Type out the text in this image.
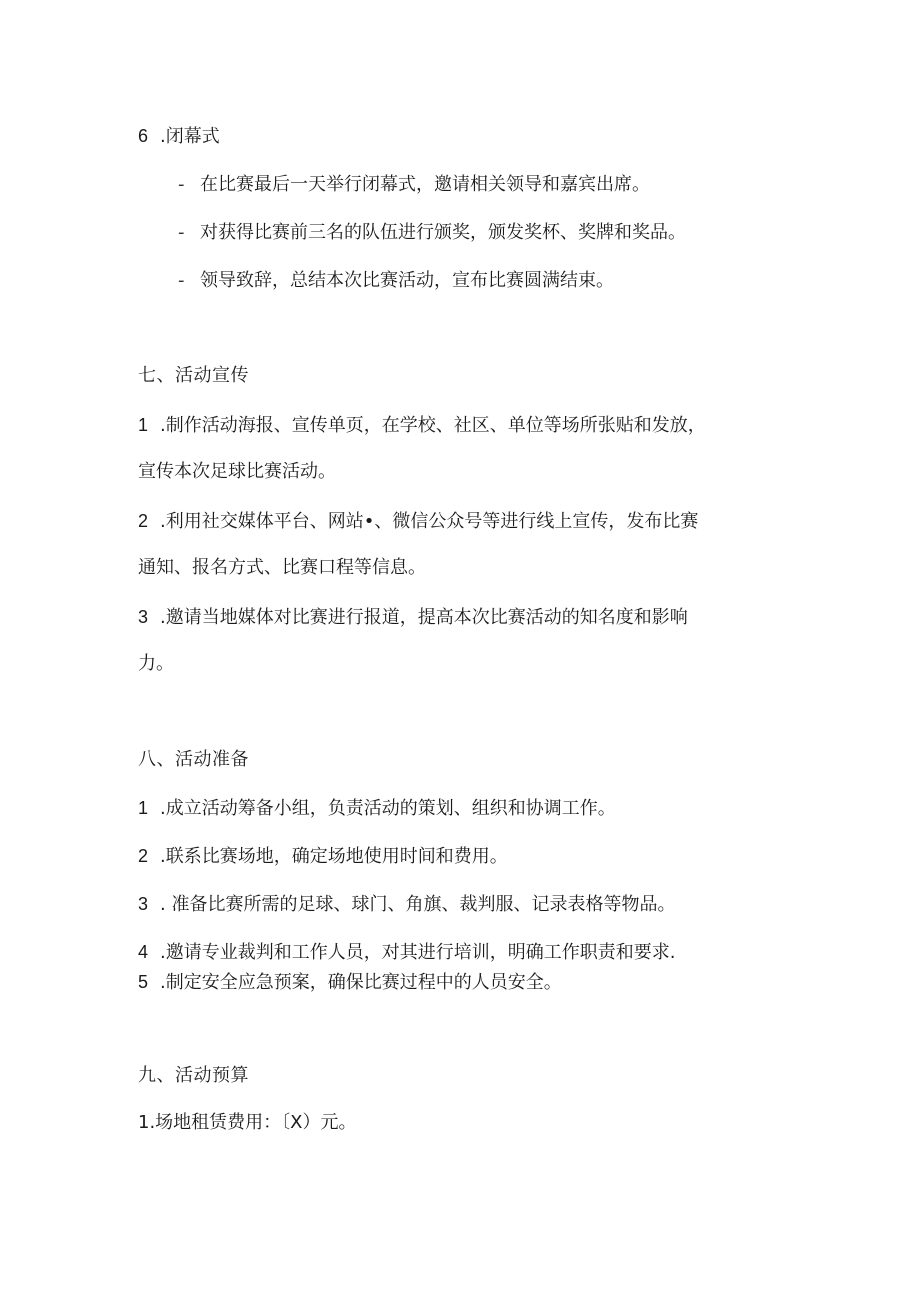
6 .闭幕式
- 在比赛最后一天举行闭幕式，邀请相关领导和嘉宾出席。
- 对获得比赛前三名的队伍进行颁奖，颁发奖杯、奖牌和奖品。
- 领导致辞，总结本次比赛活动，宣布比赛圆满结束。
七、活动宣传
1 .制作活动海报、宣传单页，在学校、社区、单位等场所张贴和发放，
宣传本次足球比赛活动。
2 .利用社交媒体平台、网站•、微信公众号等进行线上宣传，发布比赛
通知、报名方式、比赛口程等信息。
3 .邀请当地媒体对比赛进行报道，提高本次比赛活动的知名度和影响
力。
八、活动准备
1 .成立活动筹备小组，负责活动的策划、组织和协调工作。
2 .联系比赛场地，确定场地使用时间和费用。
3 . 准备比赛所需的足球、球门、角旗、裁判服、记录表格等物品。
4 .邀请专业裁判和工作人员，对其进行培训，明确工作职责和要求.
5 .制定安全应急预案，确保比赛过程中的人员安全。
九、活动预算
1.场地租赁费用：〔X）元。
